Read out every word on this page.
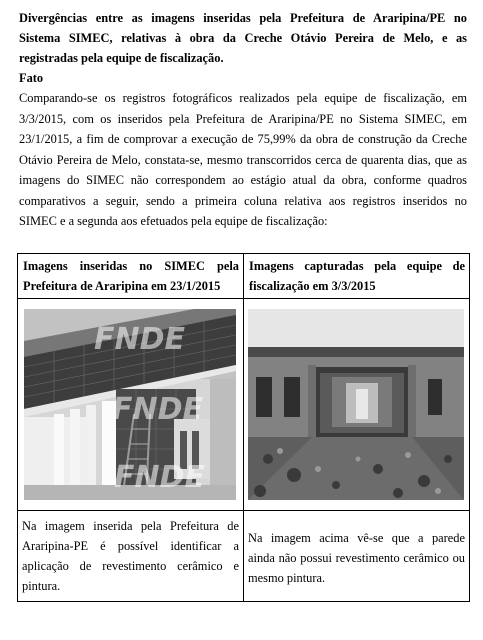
Divergências entre as imagens inseridas pela Prefeitura de Araripina/PE no
Sistema SIMEC, relativas à obra da Creche Otávio Pereira de Melo, e as
registradas pela equipe de fiscalização.

Fato

Comparando-se os registros fotográficos realizados pela equipe de fiscalização, em
3/3/2015, com os inseridos pela Prefeitura de Araripina/PE no Sistema SIMEC, em
23/1/2015, a fim de comprovar a execução de 75,99% da obra de construção da Creche
Otávio Pereira de Melo, constata-se, mesmo transcorridos cerca de quarenta dias, que as
imagens do SIMEC não correspondem ao estágio atual da obra, conforme quadros
comparativos a seguir, sendo a primeira coluna relativa aos registros inseridos no
SIMEC e a segunda aos efetuados pela equipe de fiscalização:

Imagens inseridas no SIMEC pela
Prefeitura de Araripina em 23/1/2015	Imagens capturadas pela equipe de
fiscalização em 3/3/2015

FNDE
FNDE
FNDE

Na imagem inserida pela Prefeitura de
Araripina-PE é possível identificar a
aplicação de revestimento cerâmico e
pintura.	Na imagem acima vê-se que a parede
ainda não possui revestimento cerâmico ou
mesmo pintura.
